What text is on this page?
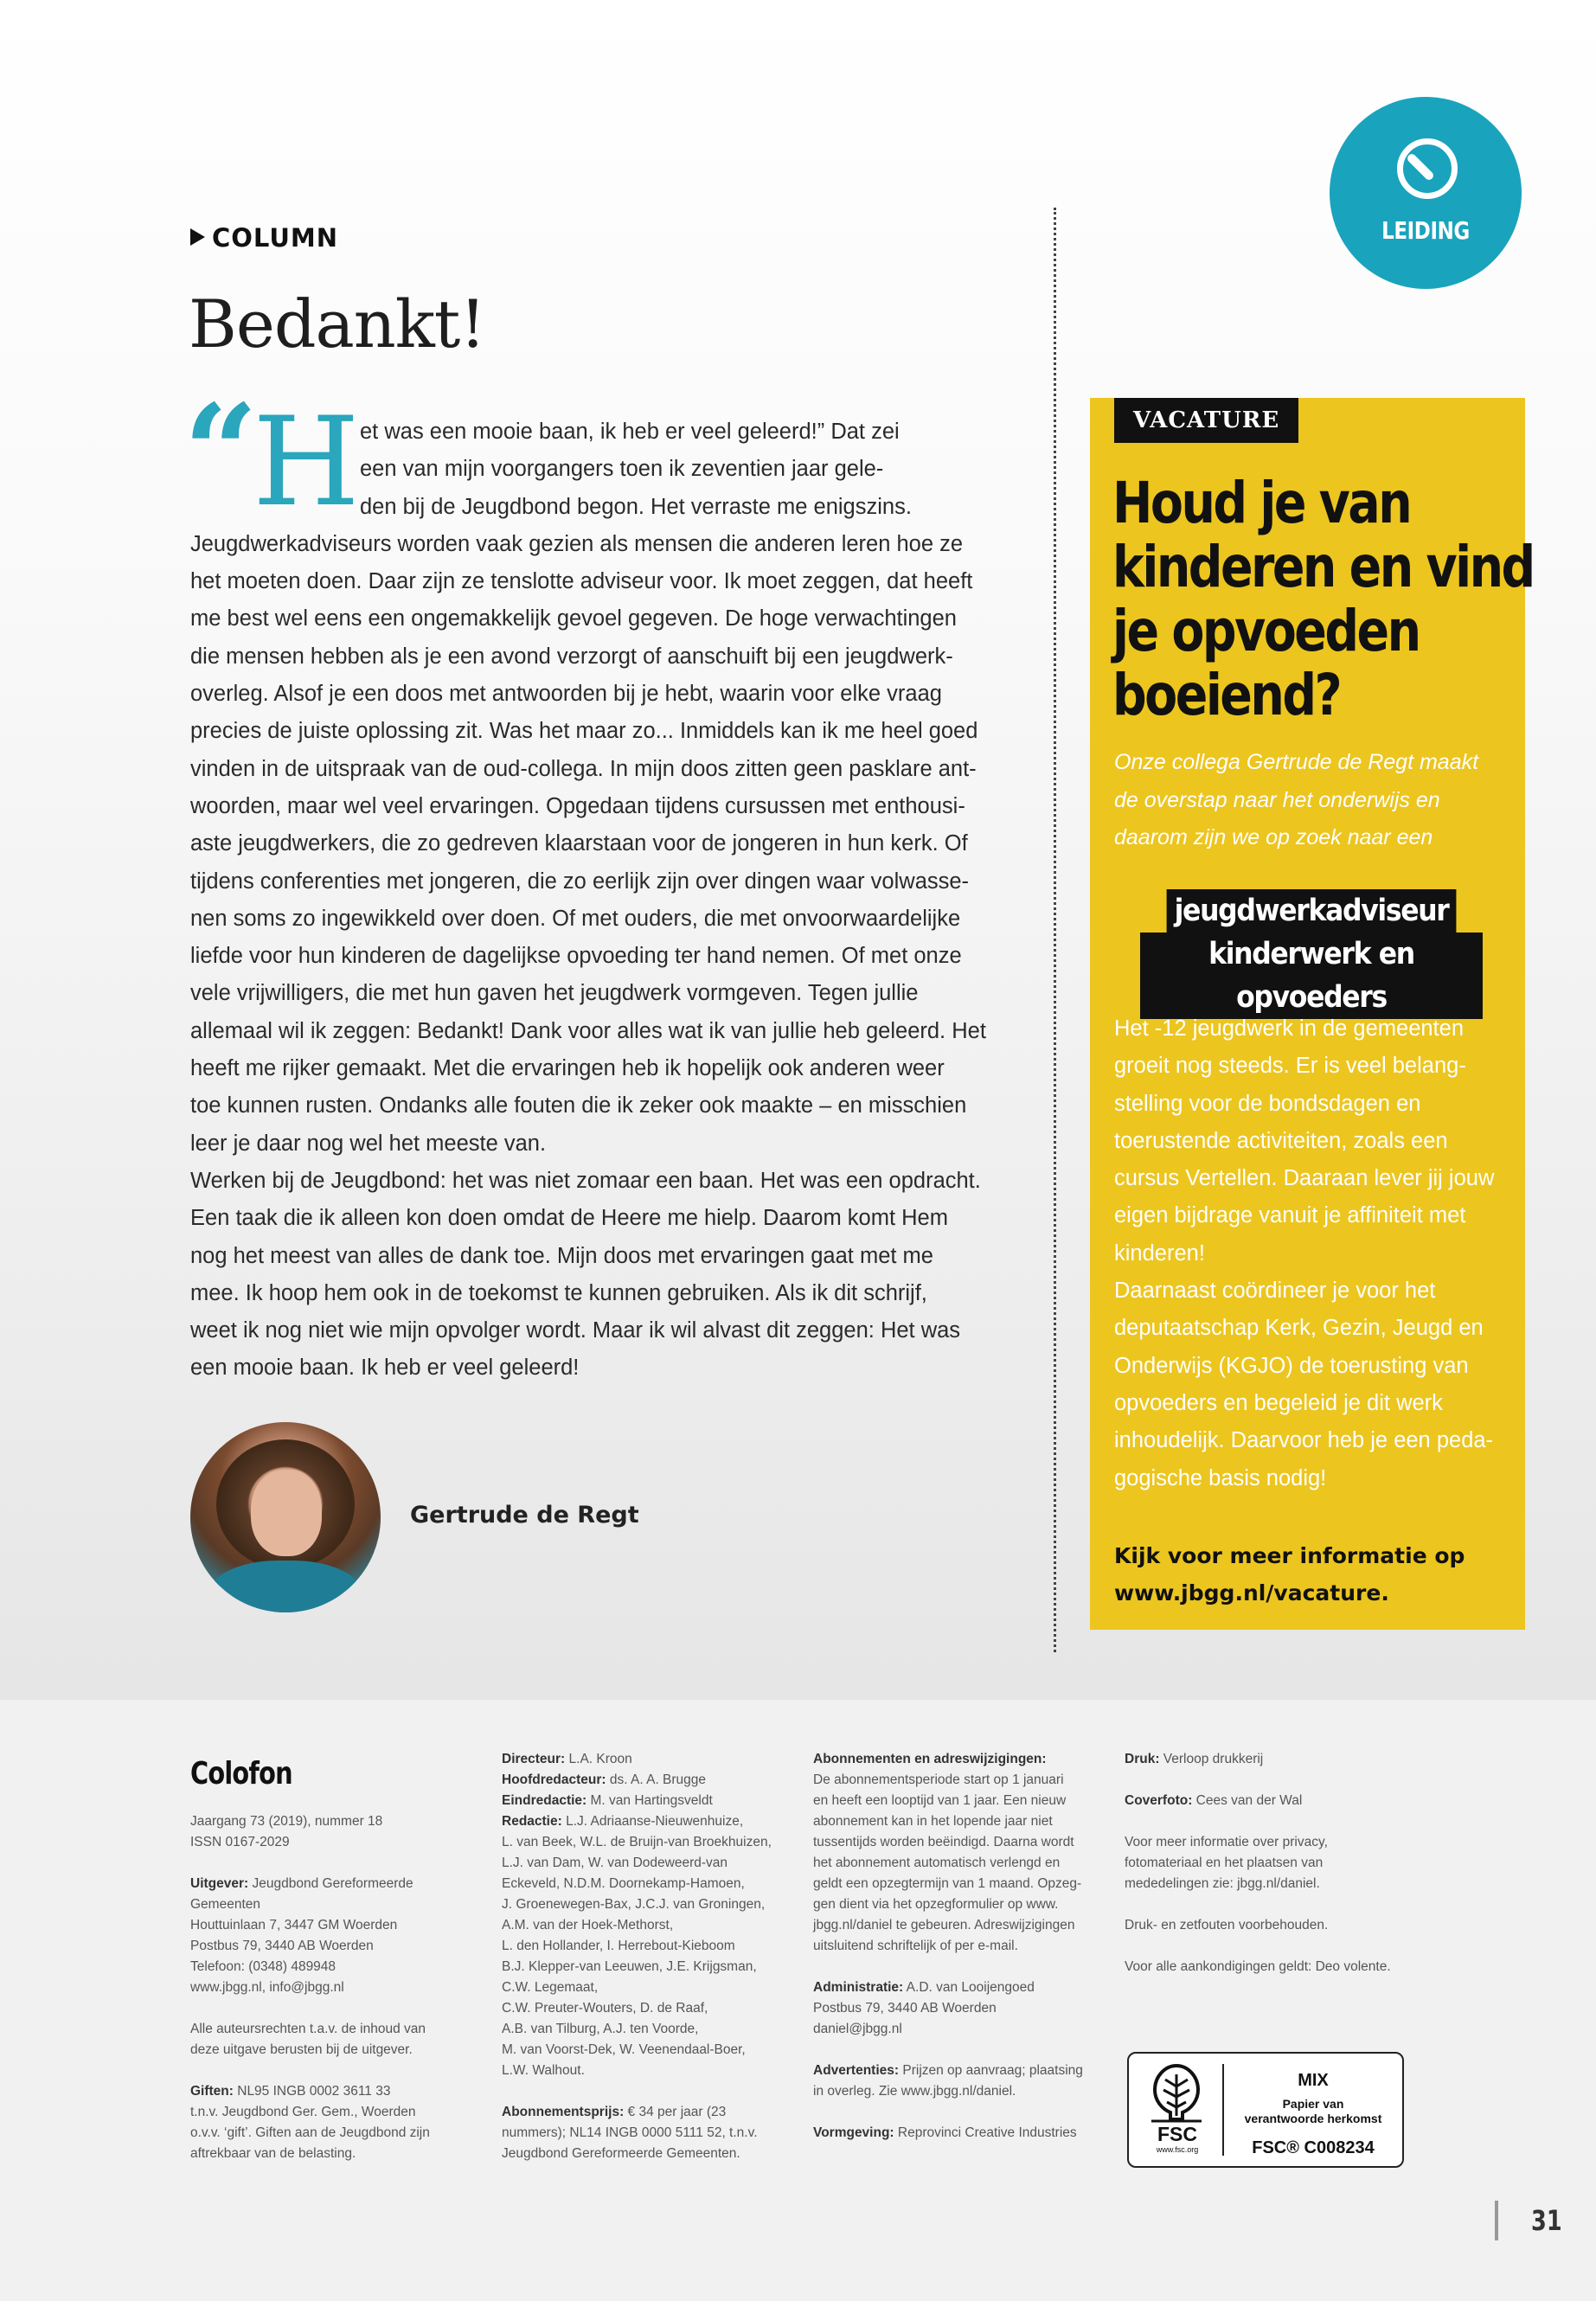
COLUMN
Bedankt!
“
H et was een mooie baan, ik heb er veel geleerd!” Dat zei
een van mijn voorgangers toen ik zeventien jaar gele-
den bij de Jeugdbond begon. Het verraste me enigszins.
Jeugdwerkadviseurs worden vaak gezien als mensen die anderen leren hoe ze
het moeten doen. Daar zijn ze tenslotte adviseur voor. Ik moet zeggen, dat heeft
me best wel eens een ongemakkelijk gevoel gegeven. De hoge verwachtingen
die mensen hebben als je een avond verzorgt of aanschuift bij een jeugdwerk-
overleg. Alsof je een doos met antwoorden bij je hebt, waarin voor elke vraag
precies de juiste oplossing zit. Was het maar zo... Inmiddels kan ik me heel goed
vinden in de uitspraak van de oud-collega. In mijn doos zitten geen pasklare ant-
woorden, maar wel veel ervaringen. Opgedaan tijdens cursussen met enthousi-
aste jeugdwerkers, die zo gedreven klaarstaan voor de jongeren in hun kerk. Of
tijdens conferenties met jongeren, die zo eerlijk zijn over dingen waar volwasse-
nen soms zo ingewikkeld over doen. Of met ouders, die met onvoorwaardelijke
liefde voor hun kinderen de dagelijkse opvoeding ter hand nemen. Of met onze
vele vrijwilligers, die met hun gaven het jeugdwerk vormgeven. Tegen jullie
allemaal wil ik zeggen: Bedankt! Dank voor alles wat ik van jullie heb geleerd. Het
heeft me rijker gemaakt. Met die ervaringen heb ik hopelijk ook anderen weer
toe kunnen rusten. Ondanks alle fouten die ik zeker ook maakte – en misschien
leer je daar nog wel het meeste van.
Werken bij de Jeugdbond: het was niet zomaar een baan. Het was een opdracht.
Een taak die ik alleen kon doen omdat de Heere me hielp. Daarom komt Hem
nog het meest van alles de dank toe. Mijn doos met ervaringen gaat met me
mee. Ik hoop hem ook in de toekomst te kunnen gebruiken. Als ik dit schrijf,
weet ik nog niet wie mijn opvolger wordt. Maar ik wil alvast dit zeggen: Het was
een mooie baan. Ik heb er veel geleerd!
Gertrude de Regt
LEIDING
VACATURE
Houd je van
kinderen en vind
je opvoeden
boeiend?
Onze collega Gertrude de Regt maakt
de overstap naar het onderwijs en
daarom zijn we op zoek naar een
jeugdwerkadviseur
kinderwerk en opvoeders
Het -12 jeugdwerk in de gemeenten
groeit nog steeds. Er is veel belang-
stelling voor de bondsdagen en
toerustende activiteiten, zoals een
cursus Vertellen. Daaraan lever jij jouw
eigen bijdrage vanuit je affiniteit met
kinderen!
Daarnaast coördineer je voor het
deputaatschap Kerk, Gezin, Jeugd en
Onderwijs (KGJO) de toerusting van
opvoeders en begeleid je dit werk
inhoudelijk. Daarvoor heb je een peda-
gogische basis nodig!
Kijk voor meer informatie op
www.jbgg.nl/vacature.
Colofon
Jaargang 73 (2019), nummer 18
ISSN 0167-2029
Uitgever: Jeugdbond Gereformeerde
Gemeenten
Houttuinlaan 7, 3447 GM Woerden
Postbus 79, 3440 AB Woerden
Telefoon: (0348) 489948
www.jbgg.nl, info@jbgg.nl
Alle auteursrechten t.a.v. de inhoud van
deze uitgave berusten bij de uitgever.
Giften: NL95 INGB 0002 3611 33
t.n.v. Jeugdbond Ger. Gem., Woerden
o.v.v. ‘gift’. Giften aan de Jeugdbond zijn
aftrekbaar van de belasting.
Directeur: L.A. Kroon
Hoofdredacteur: ds. A. A. Brugge
Eindredactie: M. van Hartingsveldt
Redactie: L.J. Adriaanse-Nieuwenhuize,
L. van Beek, W.L. de Bruijn-van Broekhuizen,
L.J. van Dam, W. van Dodeweerd-van
Eckeveld, N.D.M. Doornekamp-Hamoen,
J. Groenewegen-Bax, J.C.J. van Groningen,
A.M. van der Hoek-Methorst,
L. den Hollander, I. Herrebout-Kieboom
B.J. Klepper-van Leeuwen, J.E. Krijgsman,
C.W. Legemaat,
C.W. Preuter-Wouters, D. de Raaf,
A.B. van Tilburg, A.J. ten Voorde,
M. van Voorst-Dek, W. Veenendaal-Boer,
L.W. Walhout.
Abonnementsprijs: € 34 per jaar (23
nummers); NL14 INGB 0000 5111 52, t.n.v.
Jeugdbond Gereformeerde Gemeenten.
Abonnementen en adreswijzigingen:
De abonnementsperiode start op 1 januari
en heeft een looptijd van 1 jaar. Een nieuw
abonnement kan in het lopende jaar niet
tussentijds worden beëindigd. Daarna wordt
het abonnement automatisch verlengd en
geldt een opzegtermijn van 1 maand. Opzeg-
gen dient via het opzegformulier op www.
jbgg.nl/daniel te gebeuren. Adreswijzigingen
uitsluitend schriftelijk of per e-mail.
Administratie: A.D. van Looijengoed
Postbus 79, 3440 AB Woerden
daniel@jbgg.nl
Advertenties: Prijzen op aanvraag; plaatsing
in overleg. Zie www.jbgg.nl/daniel.
Vormgeving: Reprovinci Creative Industries
Druk: Verloop drukkerij
Coverfoto: Cees van der Wal
Voor meer informatie over privacy,
fotomateriaal en het plaatsen van
mededelingen zie: jbgg.nl/daniel.
Druk- en zetfouten voorbehouden.
Voor alle aankondigingen geldt: Deo volente.
FSC
www.fsc.org
MIX
Papier van
verantwoorde herkomst
FSC® C008234
31
